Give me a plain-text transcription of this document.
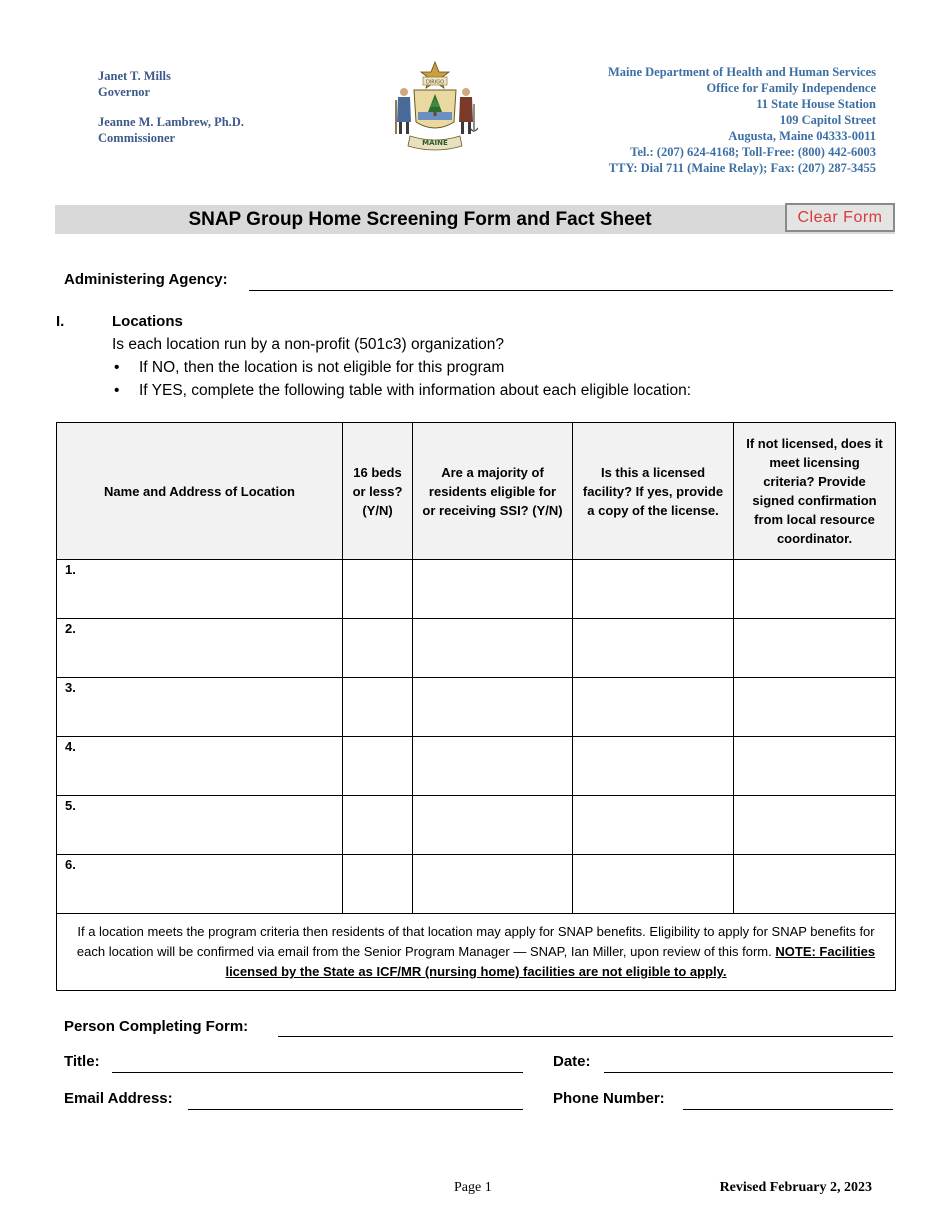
Janet T. Mills
Governor
Jeanne M. Lambrew, Ph.D.
Commissioner
DIRIGO
MAINE
Maine Department of Health and Human Services
Office for Family Independence
11 State House Station
109 Capitol Street
Augusta, Maine 04333-0011
Tel.: (207) 624-4168; Toll-Free: (800) 442-6003
TTY: Dial 711 (Maine Relay); Fax: (207) 287-3455
SNAP Group Home Screening Form and Fact Sheet	Clear Form
Administering Agency:
I.	Locations
Is each location run by a non-profit (501c3) organization?
• If NO, then the location is not eligible for this program
• If YES, complete the following table with information about each eligible location:
Name and Address of Location	16 beds or less? (Y/N)	Are a majority of residents eligible for or receiving SSI? (Y/N)	Is this a licensed facility? If yes, provide a copy of the license.	If not licensed, does it meet licensing criteria? Provide signed confirmation from local resource coordinator.
1.				
2.				
3.				
4.				
5.				
6.				
If a location meets the program criteria then residents of that location may apply for SNAP benefits. Eligibility to apply for SNAP benefits for each location will be confirmed via email from the Senior Program Manager — SNAP, Ian Miller, upon review of this form. NOTE: Facilities licensed by the State as ICF/MR (nursing home) facilities are not eligible to apply.				
Person Completing Form:
Title:	Date:
Email Address:	Phone Number:
Page 1	Revised February 2, 2023
